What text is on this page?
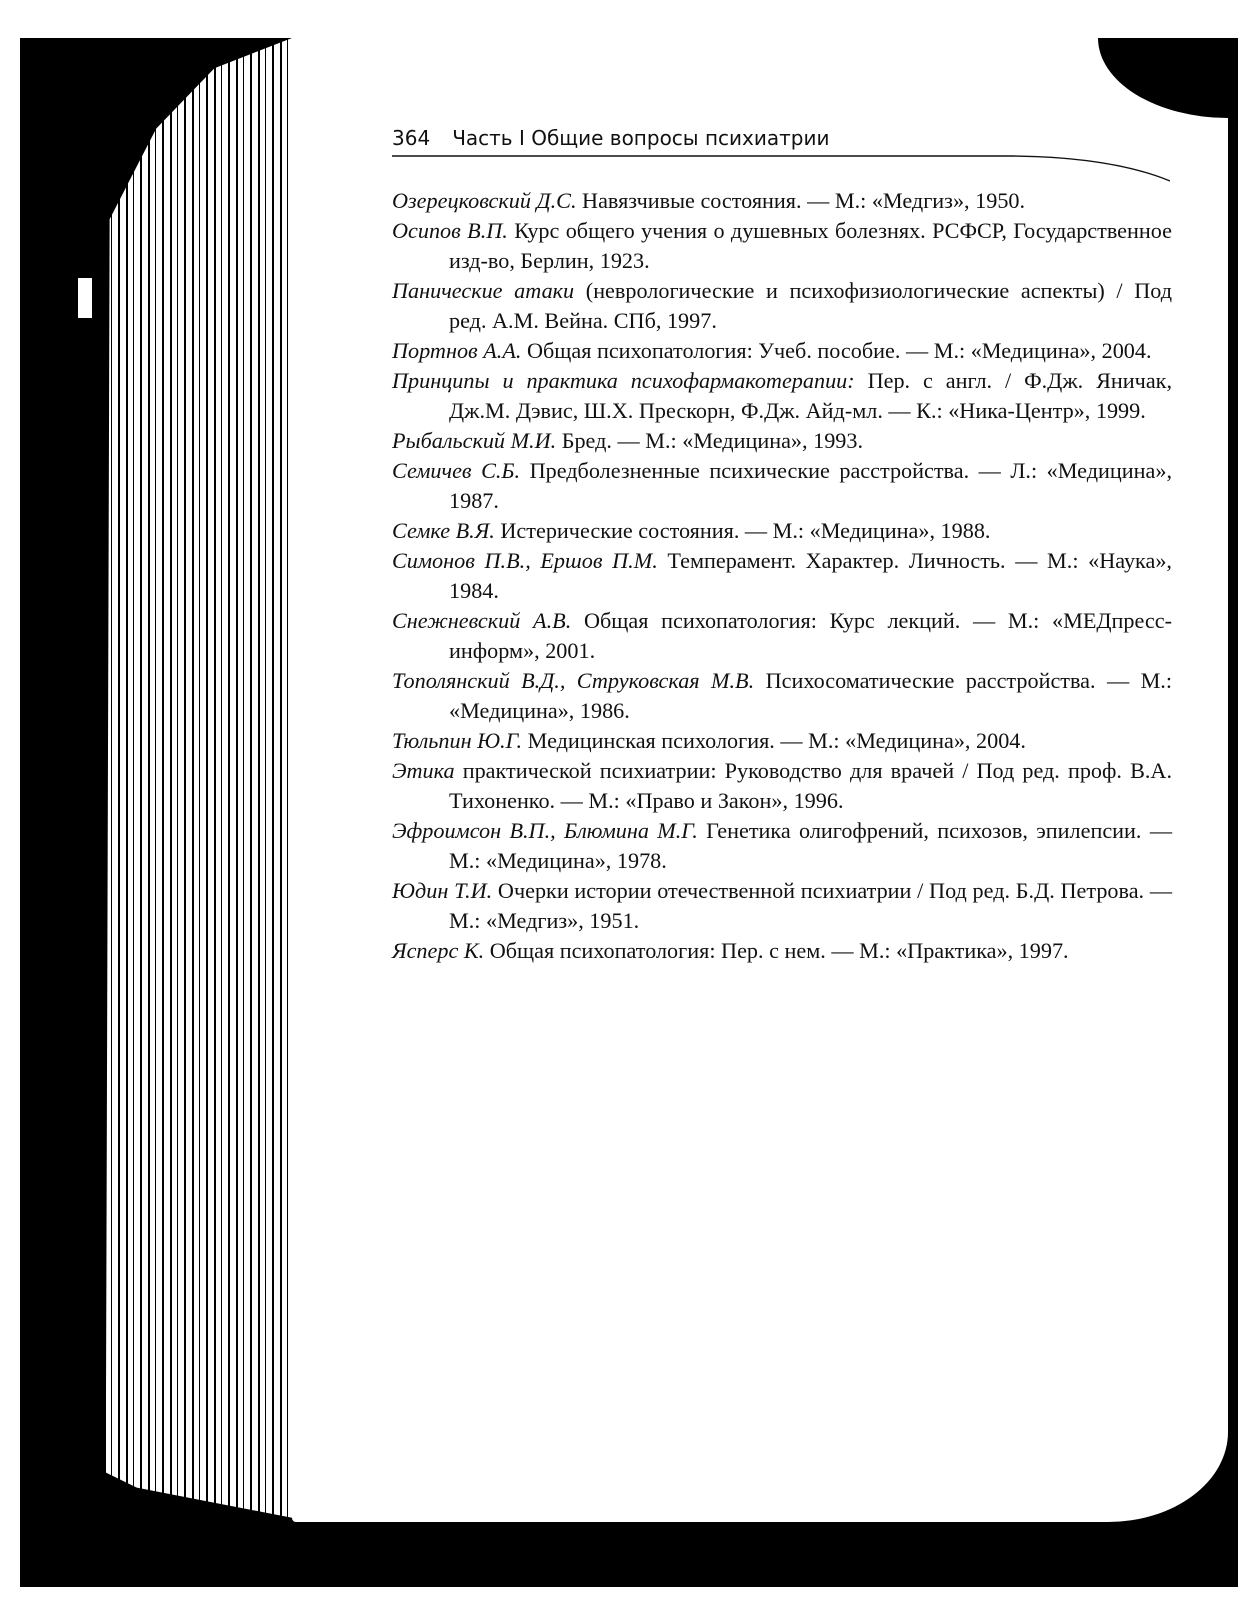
364 Часть I Общие вопросы психиатрии
Озерецковский Д.С. Навязчивые состояния. — М.: «Медгиз», 1950.
Осипов В.П. Курс общего учения о душевных болезнях. РСФСР, Государственное изд-во, Берлин, 1923.
Панические атаки (неврологические и психофизиологические аспекты) / Под ред. А.М. Вейна. СПб, 1997.
Портнов А.А. Общая психопатология: Учеб. пособие. — М.: «Медицина», 2004.
Принципы и практика психофармакотерапии: Пер. с англ. / Ф.Дж. Яничак, Дж.М. Дэвис, Ш.Х. Прескорн, Ф.Дж. Айд-мл. — К.: «Ника-Центр», 1999.
Рыбальский М.И. Бред. — М.: «Медицина», 1993.
Семичев С.Б. Предболезненные психические расстройства. — Л.: «Медицина», 1987.
Семке В.Я. Истерические состояния. — М.: «Медицина», 1988.
Симонов П.В., Ершов П.М. Темперамент. Характер. Личность. — М.: «Наука», 1984.
Снежневский А.В. Общая психопатология: Курс лекций. — М.: «МЕДпресс-информ», 2001.
Тополянский В.Д., Струковская М.В. Психосоматические расстройства. — М.: «Медицина», 1986.
Тюльпин Ю.Г. Медицинская психология. — М.: «Медицина», 2004.
Этика практической психиатрии: Руководство для врачей / Под ред. проф. В.А. Тихоненко. — М.: «Право и Закон», 1996.
Эфроимсон В.П., Блюмина М.Г. Генетика олигофрений, психозов, эпилепсии. — М.: «Медицина», 1978.
Юдин Т.И. Очерки истории отечественной психиатрии / Под ред. Б.Д. Петрова. — М.: «Медгиз», 1951.
Ясперс К. Общая психопатология: Пер. с нем. — М.: «Практика», 1997.
